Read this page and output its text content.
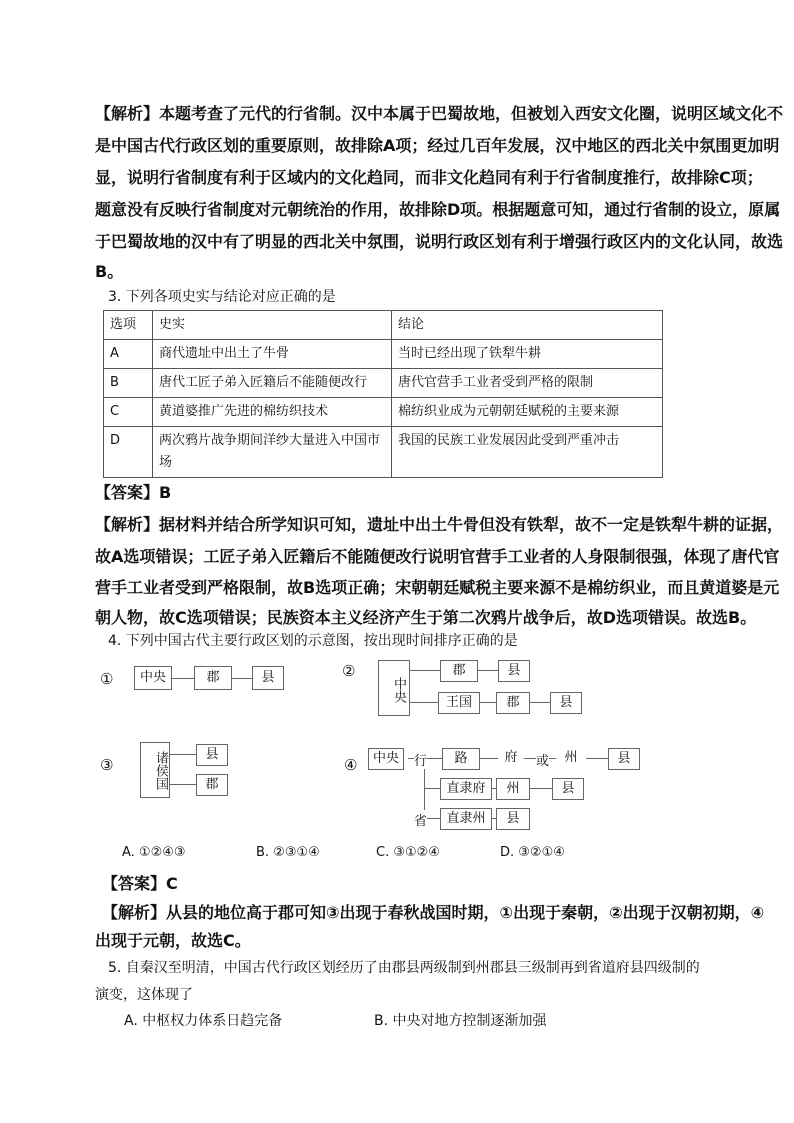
【解析】本题考查了元代的行省制。汉中本属于巴蜀故地，但被划入西安文化圈，说明区域文化不
是中国古代行政区划的重要原则，故排除A项；经过几百年发展，汉中地区的西北关中氛围更加明
显，说明行省制度有利于区域内的文化趋同，而非文化趋同有利于行省制度推行，故排除C项；
题意没有反映行省制度对元朝统治的作用，故排除D项。根据题意可知，通过行省制的设立，原属
于巴蜀故地的汉中有了明显的西北关中氛围，说明行政区划有利于增强行政区内的文化认同，故选
B。
3. 下列各项史实与结论对应正确的是
选项	史实	结论
A	商代遗址中出土了牛骨	当时已经出现了铁犁牛耕
B	唐代工匠子弟入匠籍后不能随便改行	唐代官营手工业者受到严格的限制
C	黄道婆推广先进的棉纺织技术	棉纺织业成为元朝朝廷赋税的主要来源
D	两次鸦片战争期间洋纱大量进入中国市场	我国的民族工业发展因此受到严重冲击
【答案】B
【解析】据材料并结合所学知识可知，遗址中出土牛骨但没有铁犁，故不一定是铁犁牛耕的证据，
故A选项错误；工匠子弟入匠籍后不能随便改行说明官营手工业者的人身限制很强，体现了唐代官
营手工业者受到严格限制，故B选项正确；宋朝朝廷赋税主要来源不是棉纺织业，而且黄道婆是元
朝人物，故C选项错误；民族资本主义经济产生于第二次鸦片战争后，故D选项错误。故选B。
4. 下列中国古代主要行政区划的示意图，按出现时间排序正确的是
①	中央	郡	县	②
中央
郡	县
王国	郡	县
③	诸侯国	县
郡
④	中央	行
省
路	府	或	州	县
直隶府	州	县
直隶州	县
A. ①②④③	B. ②③①④	C. ③①②④	D. ③②①④
【答案】C
【解析】从县的地位高于郡可知③出现于春秋战国时期，①出现于秦朝，②出现于汉朝初期，④
出现于元朝，故选C。
5. 自秦汉至明清，中国古代行政区划经历了由郡县两级制到州郡县三级制再到省道府县四级制的
演变，这体现了
A. 中枢权力体系日趋完备	B. 中央对地方控制逐渐加强
